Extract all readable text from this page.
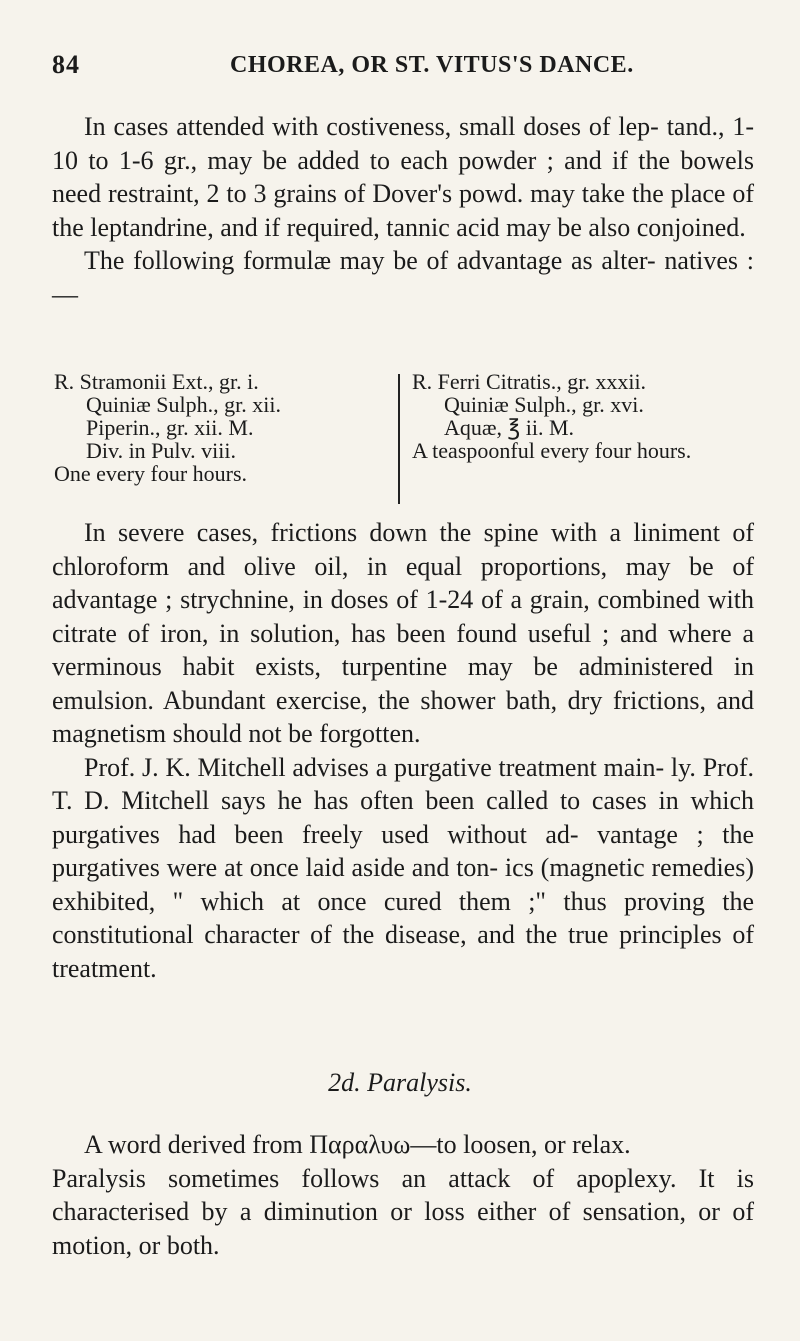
84	CHOREA, OR ST. VITUS'S DANCE.

In cases attended with costiveness, small doses of lep- tand., 1-10 to 1-6 gr., may be added to each powder ; and if the bowels need restraint, 2 to 3 grains of Dover's powd. may take the place of the leptandrine, and if required, tannic acid may be also conjoined.

The following formulæ may be of advantage as alter- natives :—

R. Stramonii Ext., gr. i.
Quiniæ Sulph., gr. xii.
Piperin., gr. xii. M.
Div. in Pulv. viii.
One every four hours.
R. Ferri Citratis., gr. xxxii.
Quiniæ Sulph., gr. xvi.
Aquæ, ℥ ii. M.
A teaspoonful every four hours.

In severe cases, frictions down the spine with a liniment of chloroform and olive oil, in equal proportions, may be of advantage ; strychnine, in doses of 1-24 of a grain, combined with citrate of iron, in solution, has been found useful ; and where a verminous habit exists, turpentine may be administered in emulsion. Abundant exercise, the shower bath, dry frictions, and magnetism should not be forgotten.

Prof. J. K. Mitchell advises a purgative treatment main- ly. Prof. T. D. Mitchell says he has often been called to cases in which purgatives had been freely used without ad- vantage ; the purgatives were at once laid aside and ton- ics (magnetic remedies) exhibited, " which at once cured them ;" thus proving the constitutional character of the disease, and the true principles of treatment.

2d. Paralysis.

A word derived from Παραλυω—to loosen, or relax.

Paralysis sometimes follows an attack of apoplexy. It is characterised by a diminution or loss either of sensation, or of motion, or both.
